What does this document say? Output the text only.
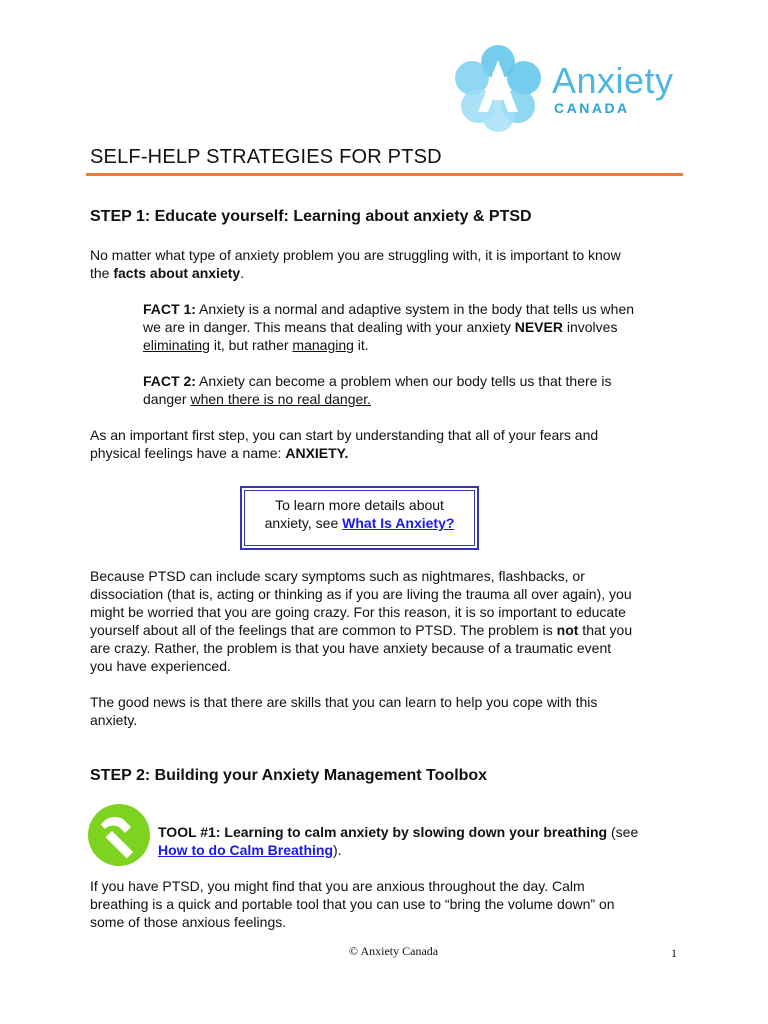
Anxiety
CANADA
SELF-HELP STRATEGIES FOR PTSD
STEP 1: Educate yourself: Learning about anxiety & PTSD
No matter what type of anxiety problem you are struggling with, it is important to know
the facts about anxiety.
FACT 1: Anxiety is a normal and adaptive system in the body that tells us when
we are in danger. This means that dealing with your anxiety NEVER involves
eliminating it, but rather managing it.
FACT 2: Anxiety can become a problem when our body tells us that there is
danger when there is no real danger.
As an important first step, you can start by understanding that all of your fears and
physical feelings have a name: ANXIETY.
To learn more details about
anxiety, see What Is Anxiety?
Because PTSD can include scary symptoms such as nightmares, flashbacks, or
dissociation (that is, acting or thinking as if you are living the trauma all over again), you
might be worried that you are going crazy. For this reason, it is so important to educate
yourself about all of the feelings that are common to PTSD. The problem is not that you
are crazy. Rather, the problem is that you have anxiety because of a traumatic event
you have experienced.
The good news is that there are skills that you can learn to help you cope with this
anxiety.
STEP 2: Building your Anxiety Management Toolbox
TOOL #1: Learning to calm anxiety by slowing down your breathing (see
How to do Calm Breathing).
If you have PTSD, you might find that you are anxious throughout the day. Calm
breathing is a quick and portable tool that you can use to “bring the volume down” on
some of those anxious feelings.
© Anxiety Canada	1
